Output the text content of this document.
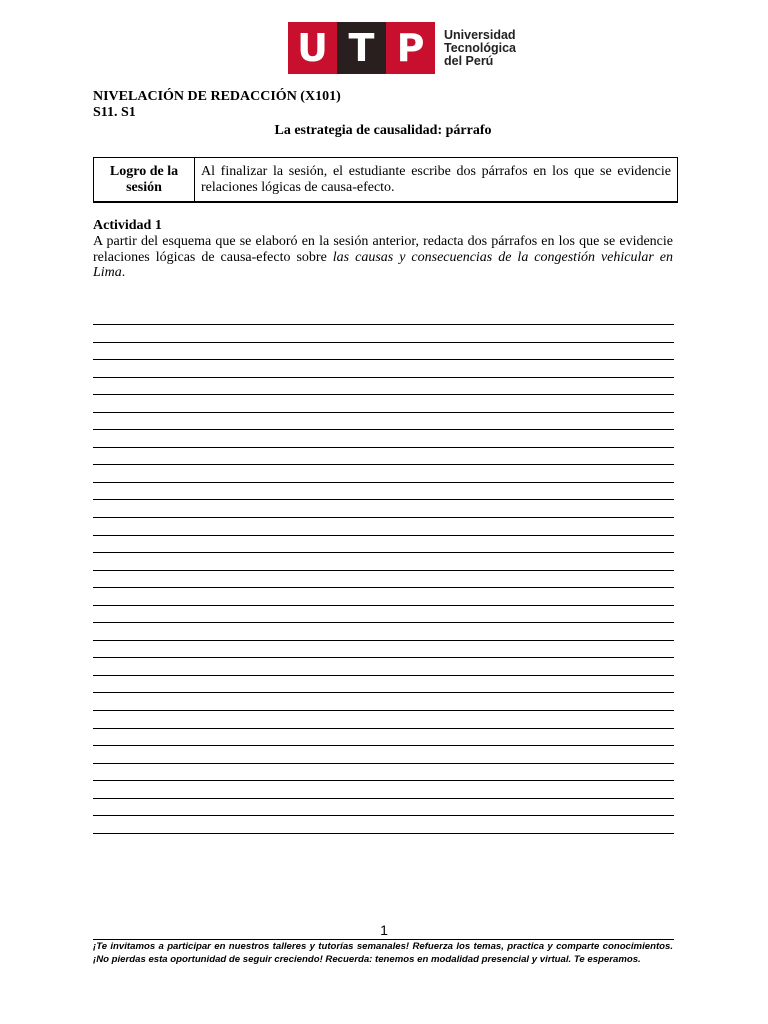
U T P	Universidad
Tecnológica
del Perú
NIVELACIÓN DE REDACCIÓN (X101)
S11. S1
La estrategia de causalidad: párrafo
Logro de la sesión	Al finalizar la sesión, el estudiante escribe dos párrafos en los que se evidencie relaciones lógicas de causa-efecto.
Actividad 1
A partir del esquema que se elaboró en la sesión anterior, redacta dos párrafos en los que se evidencie relaciones lógicas de causa-efecto sobre las causas y consecuencias de la congestión vehicular en Lima.
1
¡Te invitamos a participar en nuestros talleres y tutorías semanales! Refuerza los temas, practica y comparte conocimientos. ¡No pierdas esta oportunidad de seguir creciendo! Recuerda: tenemos en modalidad presencial y virtual. Te esperamos.
